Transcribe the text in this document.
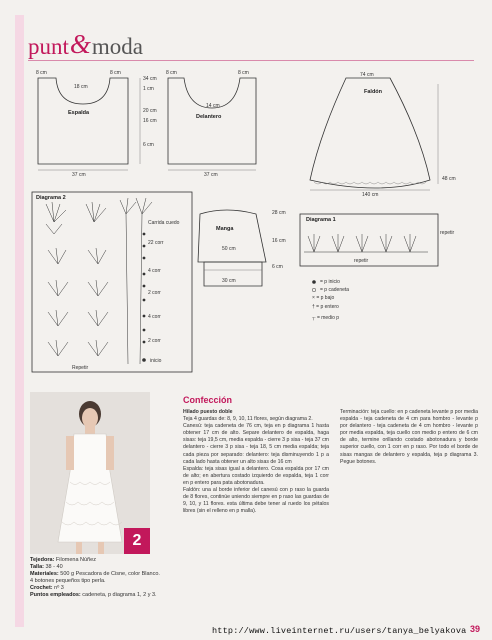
punt & moda
8 cm
18 cm
8 cm
Espalda
37 cm
34 cm
1 cm
20 cm
16 cm
6 cm
8 cm	8 cm
14 cm
Delantero
37 cm
74 cm
Faldón
48 cm
140 cm
Diagrama 2
Carrida cuedo
22 corr
4 corr
2 corr
4 corr
2 corr
inicio
Repetir
Manga
50 cm
30 cm
28 cm
16 cm
6 cm
Diagrama 1
repetir
repetir
= p inicio
= p cadeneta
× = p bajo
† = p entero
┬ = medio p
2
Tejedora: Filomena Núñez
Talla: 38 - 40
Materiales: 500 g Pescadora de Cisne, color Blanco. 4 botones pequeños tipo perla.
Crochet: nº 3
Puntos empleados: cadeneta, p diagrama 1, 2 y 3.
Confección

Hilado puesto doble

Teja 4 guardas de: 8, 9, 10, 11 flores, según diagrama 2.

Canesú: teja cadeneta de 76 cm, teja en p diagrama 1 hasta obtener 17 cm de alto. Separe delantero de espalda, haga sisas: teja 19,5 cm, media espalda - cierre 3 p sisa - teja 37 cm delantero - cierre 3 p sisa - teja 18, 5 cm media espalda; teja cada pieza por separado: delantero: teja disminuyendo 1 p a cada lado hasta obtener un alto sisas de 16 cm

Espalda: teja sisas igual a delantero. Cosa espalda por 17 cm de alto; en abertura costado izquierdo de espalda, teja 1 corr en p entero para pata abotonadura.

Faldón: una al borde inferior del canesú con p raso la guarda de 8 flores, continúe uniendo siempre en p raso las guardas de 9, 10, y 11 flores. esta última debe tener al ruedo los pétalos libres (sin el relleno en p malla).

Terminación: teja cuello: en p cadeneta levante p por media espalda - teja cadeneta de 4 cm para hombro - levante p por delantero - teja cadeneta de 4 cm hombro - levante p por media espalda, teja cuello con medio p entero de 6 cm de alto, termine orillando costado abotonadura y borde superior cuello, con 1 corr en p raso. Por todo el borde de sisas mangas de delantero y espalda, teja p diagrama 3. Pegue botones.

http://www.liveinternet.ru/users/tanya_belyakova 39
